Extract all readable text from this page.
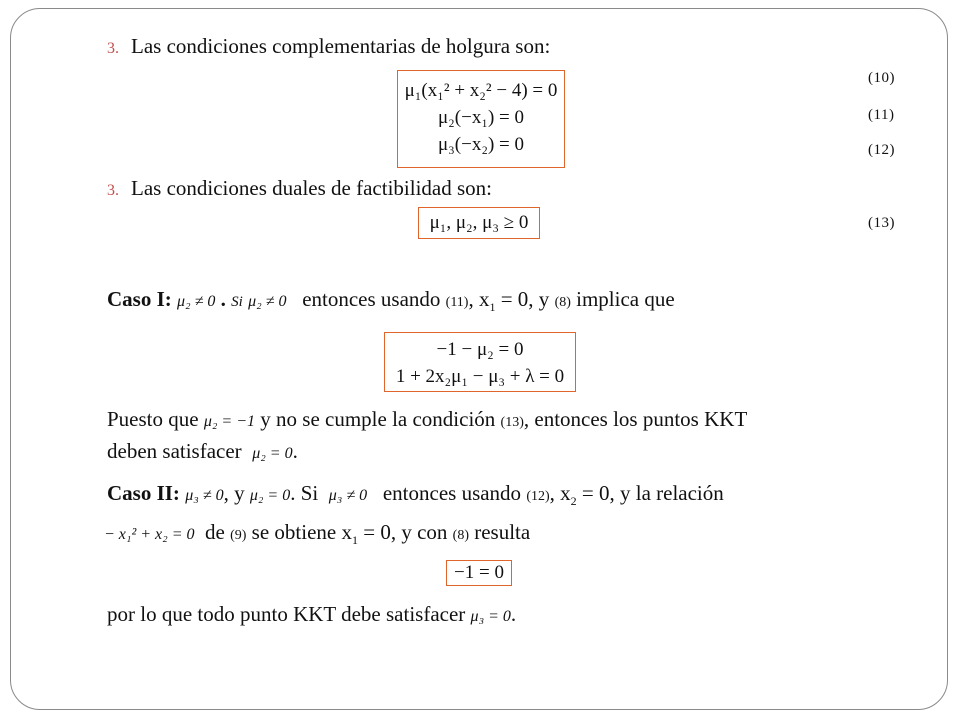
3. Las condiciones complementarias de holgura son:
μ₁(x₁² + x₂² − 4) = 0
μ₂(−x₁) = 0
μ₃(−x₂) = 0
(10)
(11)
(12)
3. Las condiciones duales de factibilidad son:
μ₁, μ₂, μ₃ ≥ 0	(13)
Caso I: μ₂ ≠ 0 . Si μ₂ ≠ 0 entonces usando (11), $x_1 = 0$, y (8) implica que
−1 − μ₂ = 0
1 + 2x₂μ₁ − μ₃ + λ = 0
Puesto que μ₂ = −1 y no se cumple la condición (13), entonces los puntos KKT
deben satisfacer μ₂ = 0.
Caso II: μ₃ ≠ 0, y μ₂ = 0. Si μ₃ ≠ 0 entonces usando (12), $x_2 = 0$, y la relación
− x₁² + x₂ = 0 de (9) se obtiene $x_1 = 0$, y con (8) resulta
−1 = 0
por lo que todo punto KKT debe satisfacer μ₃ = 0.
